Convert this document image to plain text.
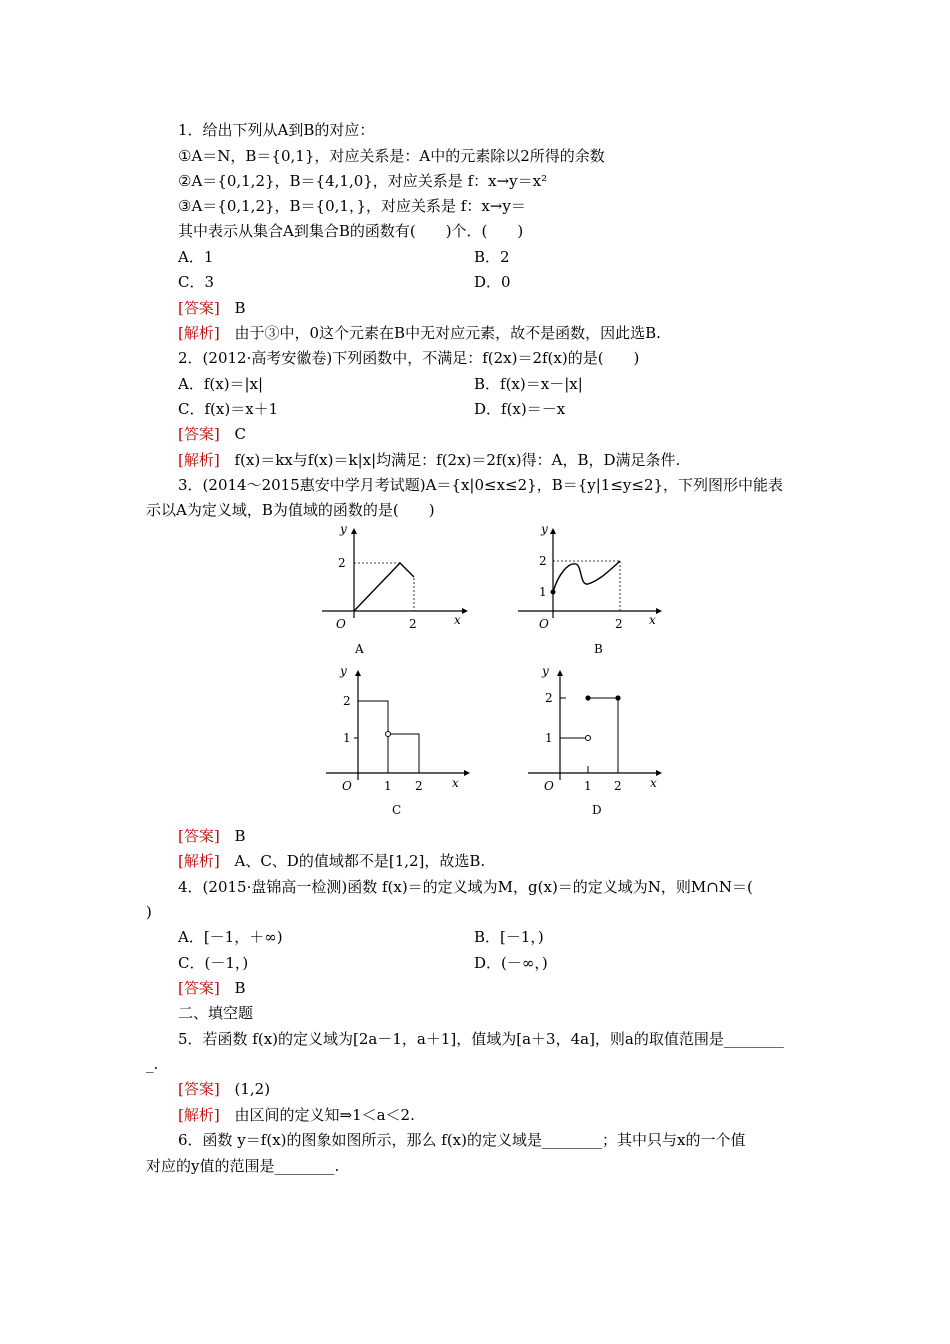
1．给出下列从A到B的对应：
①A＝N，B＝{0,1}，对应关系是：A中的元素除以2所得的余数
②A＝{0,1,2}，B＝{4,1,0}，对应关系是 f：x→y＝x²
③A＝{0,1,2}，B＝{0,1，}，对应关系是 f：x→y＝
其中表示从集合A到集合B的函数有(　　)个．(　　)
A．1	B．2
C．3	D．0
[答案] B
[解析] 由于③中，0这个元素在B中无对应元素，故不是函数，因此选B.
2．(2012·高考安徽卷)下列函数中，不满足：f(2x)＝2f(x)的是(　　)
A．f(x)＝|x|	B．f(x)＝x－|x|
C．f(x)＝x＋1	D．f(x)＝－x
[答案] C
[解析] f(x)＝kx与f(x)＝k|x|均满足：f(2x)＝2f(x)得：A，B，D满足条件.
3．(2014～2015惠安中学月考试题)A＝{x|0≤x≤2}，B＝{y|1≤y≤2}，下列图形中能表
示以A为定义域，B为值域的函数的是(　　)
y
x
O
2
2
A
y
x
O
2
1
2
B
y
x
O
2
1
1 2
C
y
x
O
2
1
1 2
D
[答案] B
[解析] A、C、D的值域都不是[1,2]，故选B.
4．(2015·盘锦高一检测)函数 f(x)＝的定义域为M，g(x)＝的定义域为N，则M∩N＝(
)
A．[－1，＋∞)	B．[－1，)
C．(－1，)	D．(－∞，)
[答案] B
二、填空题
5．若函数 f(x)的定义域为[2a－1，a＋1]，值域为[a＋3，4a]，则a的取值范围是________
_.
[答案] (1,2)
[解析] 由区间的定义知⇒1＜a＜2.
6．函数 y＝f(x)的图象如图所示，那么 f(x)的定义域是________；其中只与x的一个值
对应的y值的范围是________.
